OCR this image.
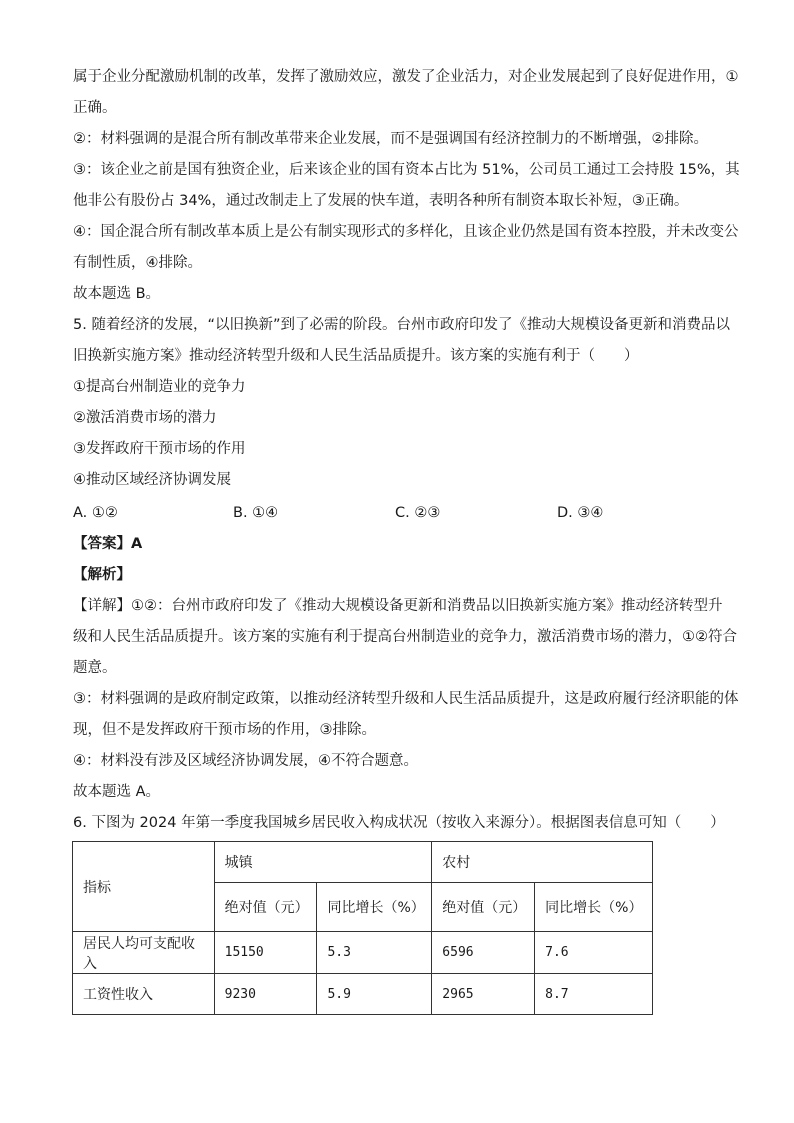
属于企业分配激励机制的改革，发挥了激励效应，激发了企业活力，对企业发展起到了良好促进作用，①
正确。
②：材料强调的是混合所有制改革带来企业发展，而不是强调国有经济控制力的不断增强，②排除。
③：该企业之前是国有独资企业，后来该企业的国有资本占比为 51%，公司员工通过工会持股 15%，其
他非公有股份占 34%，通过改制走上了发展的快车道，表明各种所有制资本取长补短，③正确。
④：国企混合所有制改革本质上是公有制实现形式的多样化，且该企业仍然是国有资本控股，并未改变公
有制性质，④排除。
故本题选 B。
5. 随着经济的发展，“以旧换新”到了必需的阶段。台州市政府印发了《推动大规模设备更新和消费品以
旧换新实施方案》推动经济转型升级和人民生活品质提升。该方案的实施有利于（　　）
①提高台州制造业的竞争力
②激活消费市场的潜力
③发挥政府干预市场的作用
④推动区域经济协调发展
A. ①②	B. ①④	C. ②③	D. ③④
【答案】A
【解析】
【详解】①②：台州市政府印发了《推动大规模设备更新和消费品以旧换新实施方案》推动经济转型升
级和人民生活品质提升。该方案的实施有利于提高台州制造业的竞争力，激活消费市场的潜力，①②符合
题意。
③：材料强调的是政府制定政策，以推动经济转型升级和人民生活品质提升，这是政府履行经济职能的体
现，但不是发挥政府干预市场的作用，③排除。
④：材料没有涉及区域经济协调发展，④不符合题意。
故本题选 A。
6. 下图为 2024 年第一季度我国城乡居民收入构成状况（按收入来源分）。根据图表信息可知（　　）
指标	城镇		农村	
	绝对值（元）	同比增长（%）	绝对值（元）	同比增长（%）
居民人均可支配收入	15150	5.3	6596	7.6
工资性收入	9230	5.9	2965	8.7
